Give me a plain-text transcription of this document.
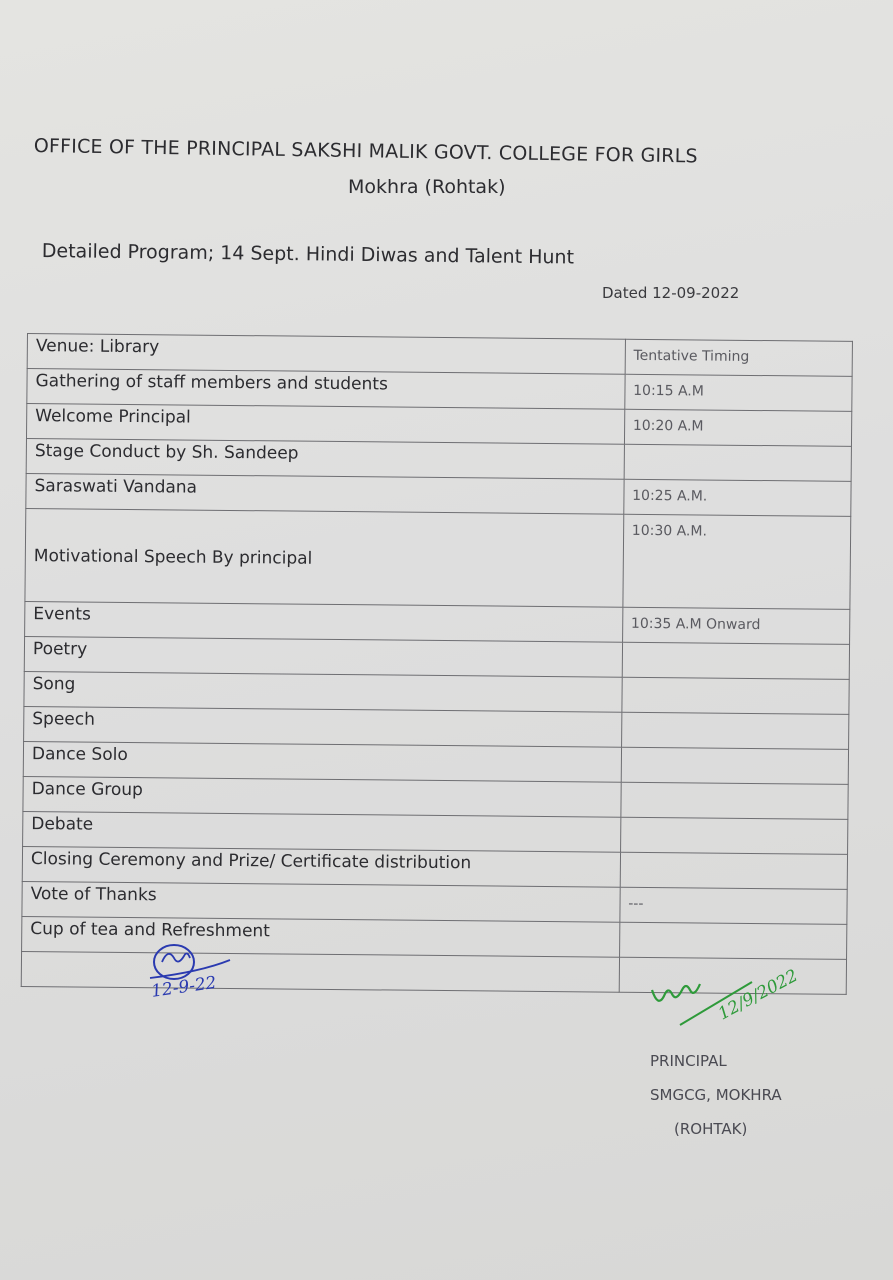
OFFICE OF THE PRINCIPAL SAKSHI MALIK GOVT. COLLEGE FOR GIRLS
Mokhra (Rohtak)
Detailed Program; 14 Sept. Hindi Diwas and Talent Hunt
Dated 12-09-2022
Venue: Library	Tentative Timing
Gathering of staff members and students	10:15 A.M
Welcome Principal	10:20 A.M
Stage Conduct by Sh. Sandeep	
Saraswati Vandana	10:25 A.M.
Motivational Speech By principal	10:30 A.M.
Events	10:35 A.M Onward
Poetry	
Song	
Speech	
Dance Solo	
Dance Group	
Debate	
Closing Ceremony and Prize/ Certificate distribution	
Vote of Thanks	---
Cup of tea and Refreshment	

12-9-22	12/9/2022
PRINCIPAL
SMGCG, MOKHRA
(ROHTAK)
